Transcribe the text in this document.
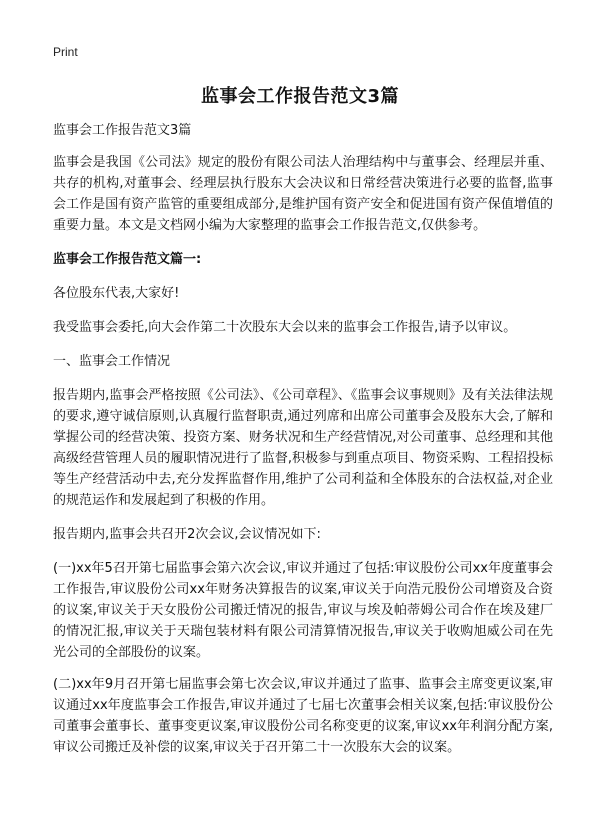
Print
监事会工作报告范文3篇

监事会工作报告范文3篇

监事会是我国《公司法》规定的股份有限公司法人治理结构中与董事会、经理层并重、共存的机构,对董事会、经理层执行股东大会决议和日常经营决策进行必要的监督,监事会工作是国有资产监管的重要组成部分,是维护国有资产安全和促进国有资产保值增值的重要力量。本文是文档网小编为大家整理的监事会工作报告范文,仅供参考。

监事会工作报告范文篇一:

各位股东代表,大家好!

我受监事会委托,向大会作第二十次股东大会以来的监事会工作报告,请予以审议。

一、监事会工作情况

报告期内,监事会严格按照《公司法》、《公司章程》、《监事会议事规则》及有关法律法规的要求,遵守诚信原则,认真履行监督职责,通过列席和出席公司董事会及股东大会,了解和掌握公司的经营决策、投资方案、财务状况和生产经营情况,对公司董事、总经理和其他高级经营管理人员的履职情况进行了监督,积极参与到重点项目、物资采购、工程招投标等生产经营活动中去,充分发挥监督作用,维护了公司利益和全体股东的合法权益,对企业的规范运作和发展起到了积极的作用。

报告期内,监事会共召开2次会议,会议情况如下:

(一)xx年5召开第七届监事会第六次会议,审议并通过了包括:审议股份公司xx年度董事会工作报告,审议股份公司xx年财务决算报告的议案,审议关于向浩元股份公司增资及合资的议案,审议关于天女股份公司搬迁情况的报告,审议与埃及帕蒂姆公司合作在埃及建厂的情况汇报,审议关于天瑞包装材料有限公司清算情况报告,审议关于收购旭威公司在先光公司的全部股份的议案。

(二)xx年9月召开第七届监事会第七次会议,审议并通过了监事、监事会主席变更议案,审议通过xx年度监事会工作报告,审议并通过了七届七次董事会相关议案,包括:审议股份公司董事会董事长、董事变更议案,审议股份公司名称变更的议案,审议xx年利润分配方案,审议公司搬迁及补偿的议案,审议关于召开第二十一次股东大会的议案。
